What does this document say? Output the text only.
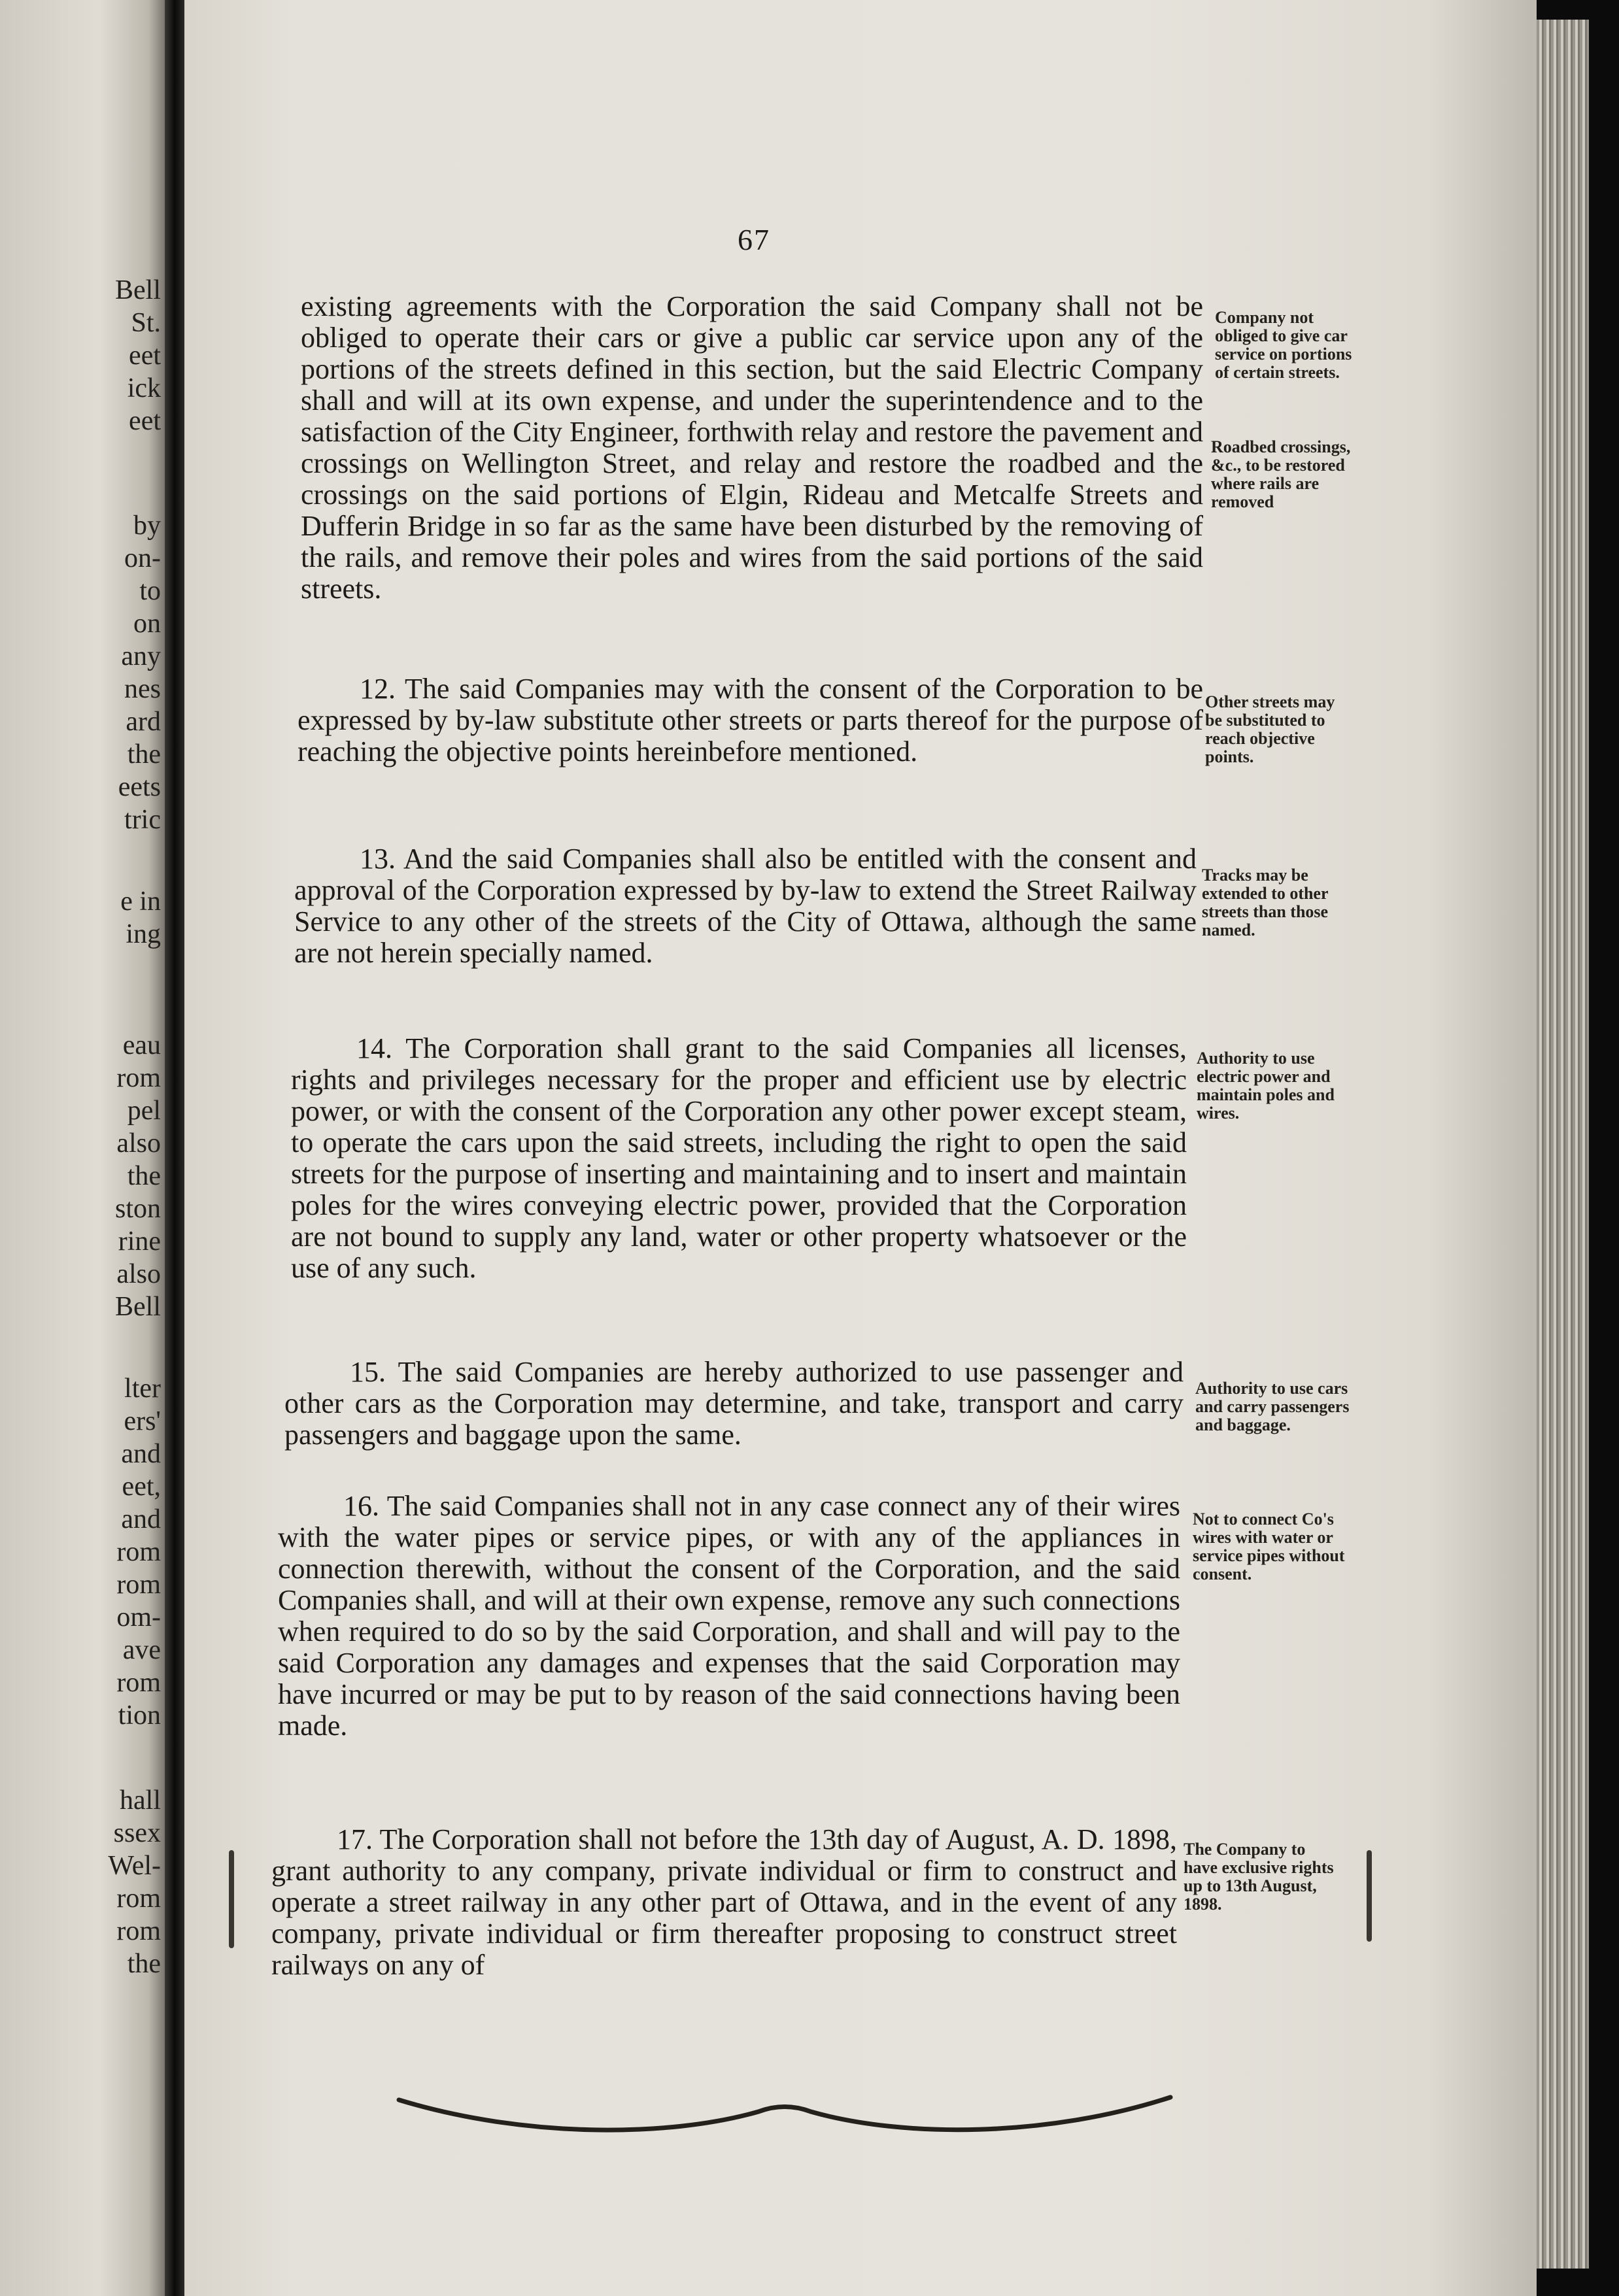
Bell
St.
eet
ick
eet
by
on-
to
on
any
nes
ard
the
eets
tric
e in
ing
eau
rom
pel
also
the
ston
rine
also
Bell
lter
ers'
and
eet,
and
rom
rom
om-
ave
rom
tion
hall
ssex
Wel-
rom
rom
the
67

existing agreements with the Corporation the said Company shall not be obliged to operate their cars or give a public car service upon any of the portions of the streets defined in this section, but the said Electric Company shall and will at its own expense, and under the superintendence and to the satisfaction of the City Engineer, forthwith relay and restore the pavement and crossings on Wellington Street, and relay and restore the roadbed and the crossings on the said portions of Elgin, Rideau and Metcalfe Streets and Dufferin Bridge in so far as the same have been disturbed by the removing of the rails, and remove their poles and wires from the said portions of the said streets.

12. The said Companies may with the consent of the Corporation to be expressed by by-law substitute other streets or parts thereof for the purpose of reaching the objective points hereinbefore mentioned.

13. And the said Companies shall also be entitled with the consent and approval of the Corporation expressed by by-law to extend the Street Railway Service to any other of the streets of the City of Ottawa, although the same are not herein specially named.

14. The Corporation shall grant to the said Companies all licenses, rights and privileges necessary for the proper and efficient use by electric power, or with the consent of the Corporation any other power except steam, to operate the cars upon the said streets, including the right to open the said streets for the purpose of inserting and maintaining and to insert and maintain poles for the wires conveying electric power, provided that the Corporation are not bound to supply any land, water or other property whatsoever or the use of any such.

15. The said Companies are hereby authorized to use passenger and other cars as the Corporation may determine, and take, transport and carry passengers and baggage upon the same.

16. The said Companies shall not in any case connect any of their wires with the water pipes or service pipes, or with any of the appliances in connection therewith, without the consent of the Corporation, and the said Companies shall, and will at their own expense, remove any such connections when required to do so by the said Corporation, and shall and will pay to the said Corporation any damages and expenses that the said Corporation may have incurred or may be put to by reason of the said connections having been made.

17. The Corporation shall not before the 13th day of August, A. D. 1898, grant authority to any company, private individual or firm to construct and operate a street railway in any other part of Ottawa, and in the event of any company, private individual or firm thereafter proposing to construct street railways on any of

Company not obliged to give car service on portions of certain streets.
Roadbed crossings, &c., to be restored where rails are removed
Other streets may be substituted to reach objective points.
Tracks may be extended to other streets than those named.
Authority to use electric power and maintain poles and wires.
Authority to use cars and carry passengers and baggage.
Not to connect Co's wires with water or service pipes without consent.
The Company to have exclusive rights up to 13th August, 1898.
